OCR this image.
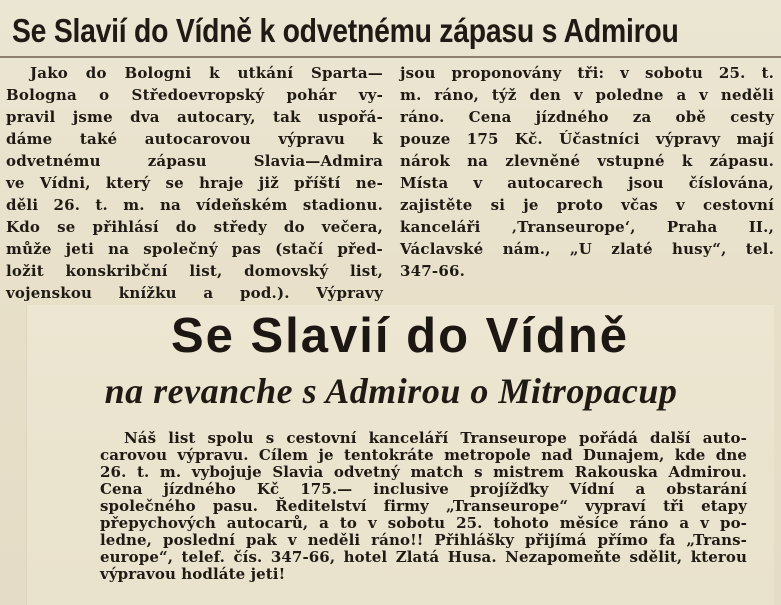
Se Slavií do Vídně k odvetnému zápasu s Admirou
Jako do Bologni k utkání Sparta—
Bologna o Středoevropský pohár vy-
pravil jsme dva autocary, tak uspořá-
dáme také autocarovou výpravu k
odvetnému zápasu Slavia—Admira
ve Vídni, který se hraje již příští ne-
děli 26. t. m. na vídeňském stadionu.
Kdo se přihlásí do středy do večera,
může jeti na společný pas (stačí před-
ložit konskribční list, domovský list,
vojenskou knížku a pod.). Výpravy
jsou proponovány tři: v sobotu 25. t.
m. ráno, týž den v poledne a v neděli
ráno. Cena jízdného za obě cesty
pouze 175 Kč. Účastníci výpravy mají
nárok na zlevněné vstupné k zápasu.
Místa v autocarech jsou číslována,
zajistěte si je proto včas v cestovní
kanceláři ‚Transeurope‘, Praha II.,
Václavské nám., „U zlaté husy“, tel.
347-66.
Se Slavií do Vídně
na revanche s Admirou o Mitropacup
Náš list spolu s cestovní kanceláří Transeurope pořádá další auto-
carovou výpravu. Cílem je tentokráte metropole nad Dunajem, kde dne
26. t. m. vybojuje Slavia odvetný match s mistrem Rakouska Admirou.
Cena jízdného Kč 175.— inclusive projížďky Vídní a obstarání
společného pasu. Ředitelství firmy „Transeurope“ vypraví tři etapy
přepychových autocarů, a to v sobotu 25. tohoto měsíce ráno a v po-
ledne, poslední pak v neděli ráno!! Přihlášky přijímá přímo fa „Trans-
europe“, telef. čís. 347-66, hotel Zlatá Husa. Nezapomeňte sdělit, kterou
výpravou hodláte jeti!
